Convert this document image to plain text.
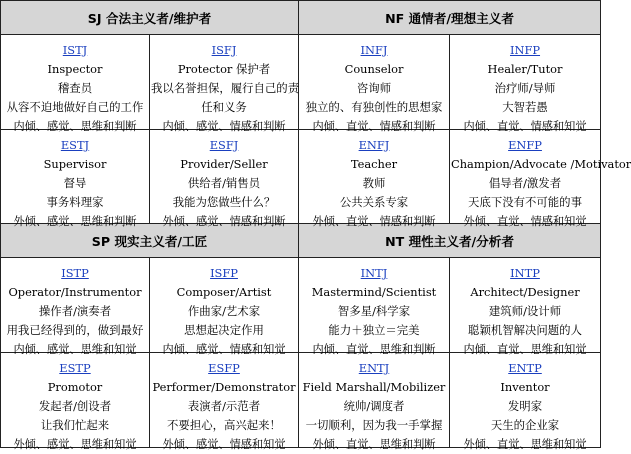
SJ 合法主义者/维护者		NF 通情者/理想主义者	

ISTJ
Inspector
稽查员
从容不迫地做好自己的工作
内倾、感觉、思维和判断	ISFJ
Protector 保护者
我以名誉担保，履行自己的责
任和义务
内倾、感觉、情感和判断	INFJ
Counselor
咨询师
独立的、有独创性的思想家
内倾、直觉、情感和判断	INFP
Healer/Tutor
治疗师/导师
大智若愚
内倾、直觉、情感和知觉

ESTJ
Supervisor
督导
事务料理家
外倾、感觉、思维和判断	ESFJ
Provider/Seller
供给者/销售员
我能为您做些什么？
外倾、感觉、情感和判断	ENFJ
Teacher
教师
公共关系专家
外倾、直觉、情感和判断	ENFP
Champion/Advocate /Motivator
倡导者/激发者
天底下没有不可能的事
外倾、直觉、情感和知觉

SP 现实主义者/工匠		NT 理性主义者/分析者	

ISTP
Operator/Instrumentor
操作者/演奏者
用我已经得到的，做到最好
内倾、感觉、思维和知觉	ISFP
Composer/Artist
作曲家/艺术家
思想起决定作用
内倾、感觉、情感和知觉	INTJ
Mastermind/Scientist
智多星/科学家
能力＋独立＝完美
内倾、直觉、思维和判断	INTP
Architect/Designer
建筑师/设计师
聪颖机智解决问题的人
内倾、直觉、思维和知觉

ESTP
Promotor
发起者/创设者
让我们忙起来
外倾、感觉、思维和知觉	ESFP
Performer/Demonstrator
表演者/示范者
不要担心，高兴起来！
外倾、感觉、情感和知觉	ENTJ
Field Marshall/Mobilizer
统帅/调度者
一切顺利，因为我一手掌握
外倾、直觉、思维和判断	ENTP
Inventor
发明家
天生的企业家
外倾、直觉、思维和知觉
